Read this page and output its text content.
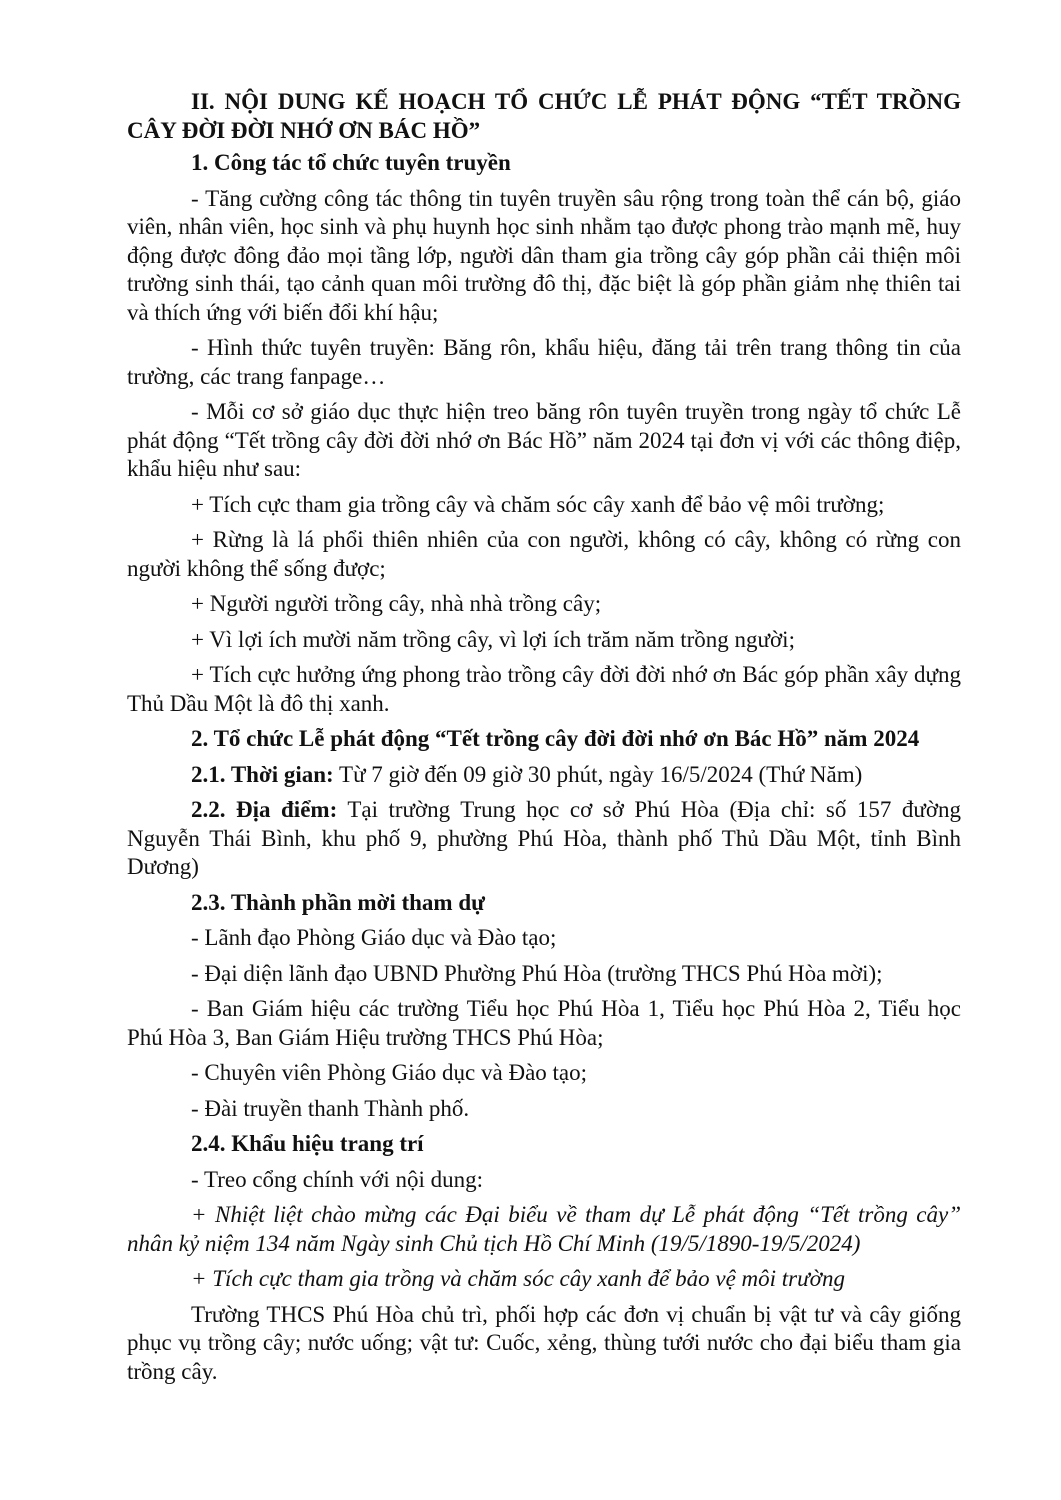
II. NỘI DUNG KẾ HOẠCH TỔ CHỨC LỄ PHÁT ĐỘNG “TẾT TRỒNG CÂY ĐỜI ĐỜI NHỚ ƠN BÁC HỒ”

1. Công tác tổ chức tuyên truyền

- Tăng cường công tác thông tin tuyên truyền sâu rộng trong toàn thể cán bộ, giáo viên, nhân viên, học sinh và phụ huynh học sinh nhằm tạo được phong trào mạnh mẽ, huy động được đông đảo mọi tầng lớp, người dân tham gia trồng cây góp phần cải thiện môi trường sinh thái, tạo cảnh quan môi trường đô thị, đặc biệt là góp phần giảm nhẹ thiên tai và thích ứng với biến đổi khí hậu;

- Hình thức tuyên truyền: Băng rôn, khẩu hiệu, đăng tải trên trang thông tin của trường, các trang fanpage…

- Mỗi cơ sở giáo dục thực hiện treo băng rôn tuyên truyền trong ngày tổ chức Lễ phát động “Tết trồng cây đời đời nhớ ơn Bác Hồ” năm 2024 tại đơn vị với các thông điệp, khẩu hiệu như sau:

+ Tích cực tham gia trồng cây và chăm sóc cây xanh để bảo vệ môi trường;

+ Rừng là lá phổi thiên nhiên của con người, không có cây, không có rừng con người không thể sống được;

+ Người người trồng cây, nhà nhà trồng cây;

+ Vì lợi ích mười năm trồng cây, vì lợi ích trăm năm trồng người;

+ Tích cực hưởng ứng phong trào trồng cây đời đời nhớ ơn Bác góp phần xây dựng Thủ Dầu Một là đô thị xanh.

2. Tổ chức Lễ phát động “Tết trồng cây đời đời nhớ ơn Bác Hồ” năm 2024

2.1. Thời gian: Từ 7 giờ đến 09 giờ 30 phút, ngày 16/5/2024 (Thứ Năm)

2.2. Địa điểm: Tại trường Trung học cơ sở Phú Hòa (Địa chỉ: số 157 đường Nguyễn Thái Bình, khu phố 9, phường Phú Hòa, thành phố Thủ Dầu Một, tỉnh Bình Dương)

2.3. Thành phần mời tham dự

- Lãnh đạo Phòng Giáo dục và Đào tạo;

- Đại diện lãnh đạo UBND Phường Phú Hòa (trường THCS Phú Hòa mời);

- Ban Giám hiệu các trường Tiểu học Phú Hòa 1, Tiểu học Phú Hòa 2, Tiểu học Phú Hòa 3, Ban Giám Hiệu trường THCS Phú Hòa;

- Chuyên viên Phòng Giáo dục và Đào tạo;

- Đài truyền thanh Thành phố.

2.4. Khẩu hiệu trang trí

- Treo cổng chính với nội dung:

+ Nhiệt liệt chào mừng các Đại biểu về tham dự Lễ phát động “Tết trồng cây” nhân kỷ niệm 134 năm Ngày sinh Chủ tịch Hồ Chí Minh (19/5/1890-19/5/2024)

+ Tích cực tham gia trồng và chăm sóc cây xanh để bảo vệ môi trường

Trường THCS Phú Hòa chủ trì, phối hợp các đơn vị chuẩn bị vật tư và cây giống phục vụ trồng cây; nước uống; vật tư: Cuốc, xẻng, thùng tưới nước cho đại biểu tham gia trồng cây.
